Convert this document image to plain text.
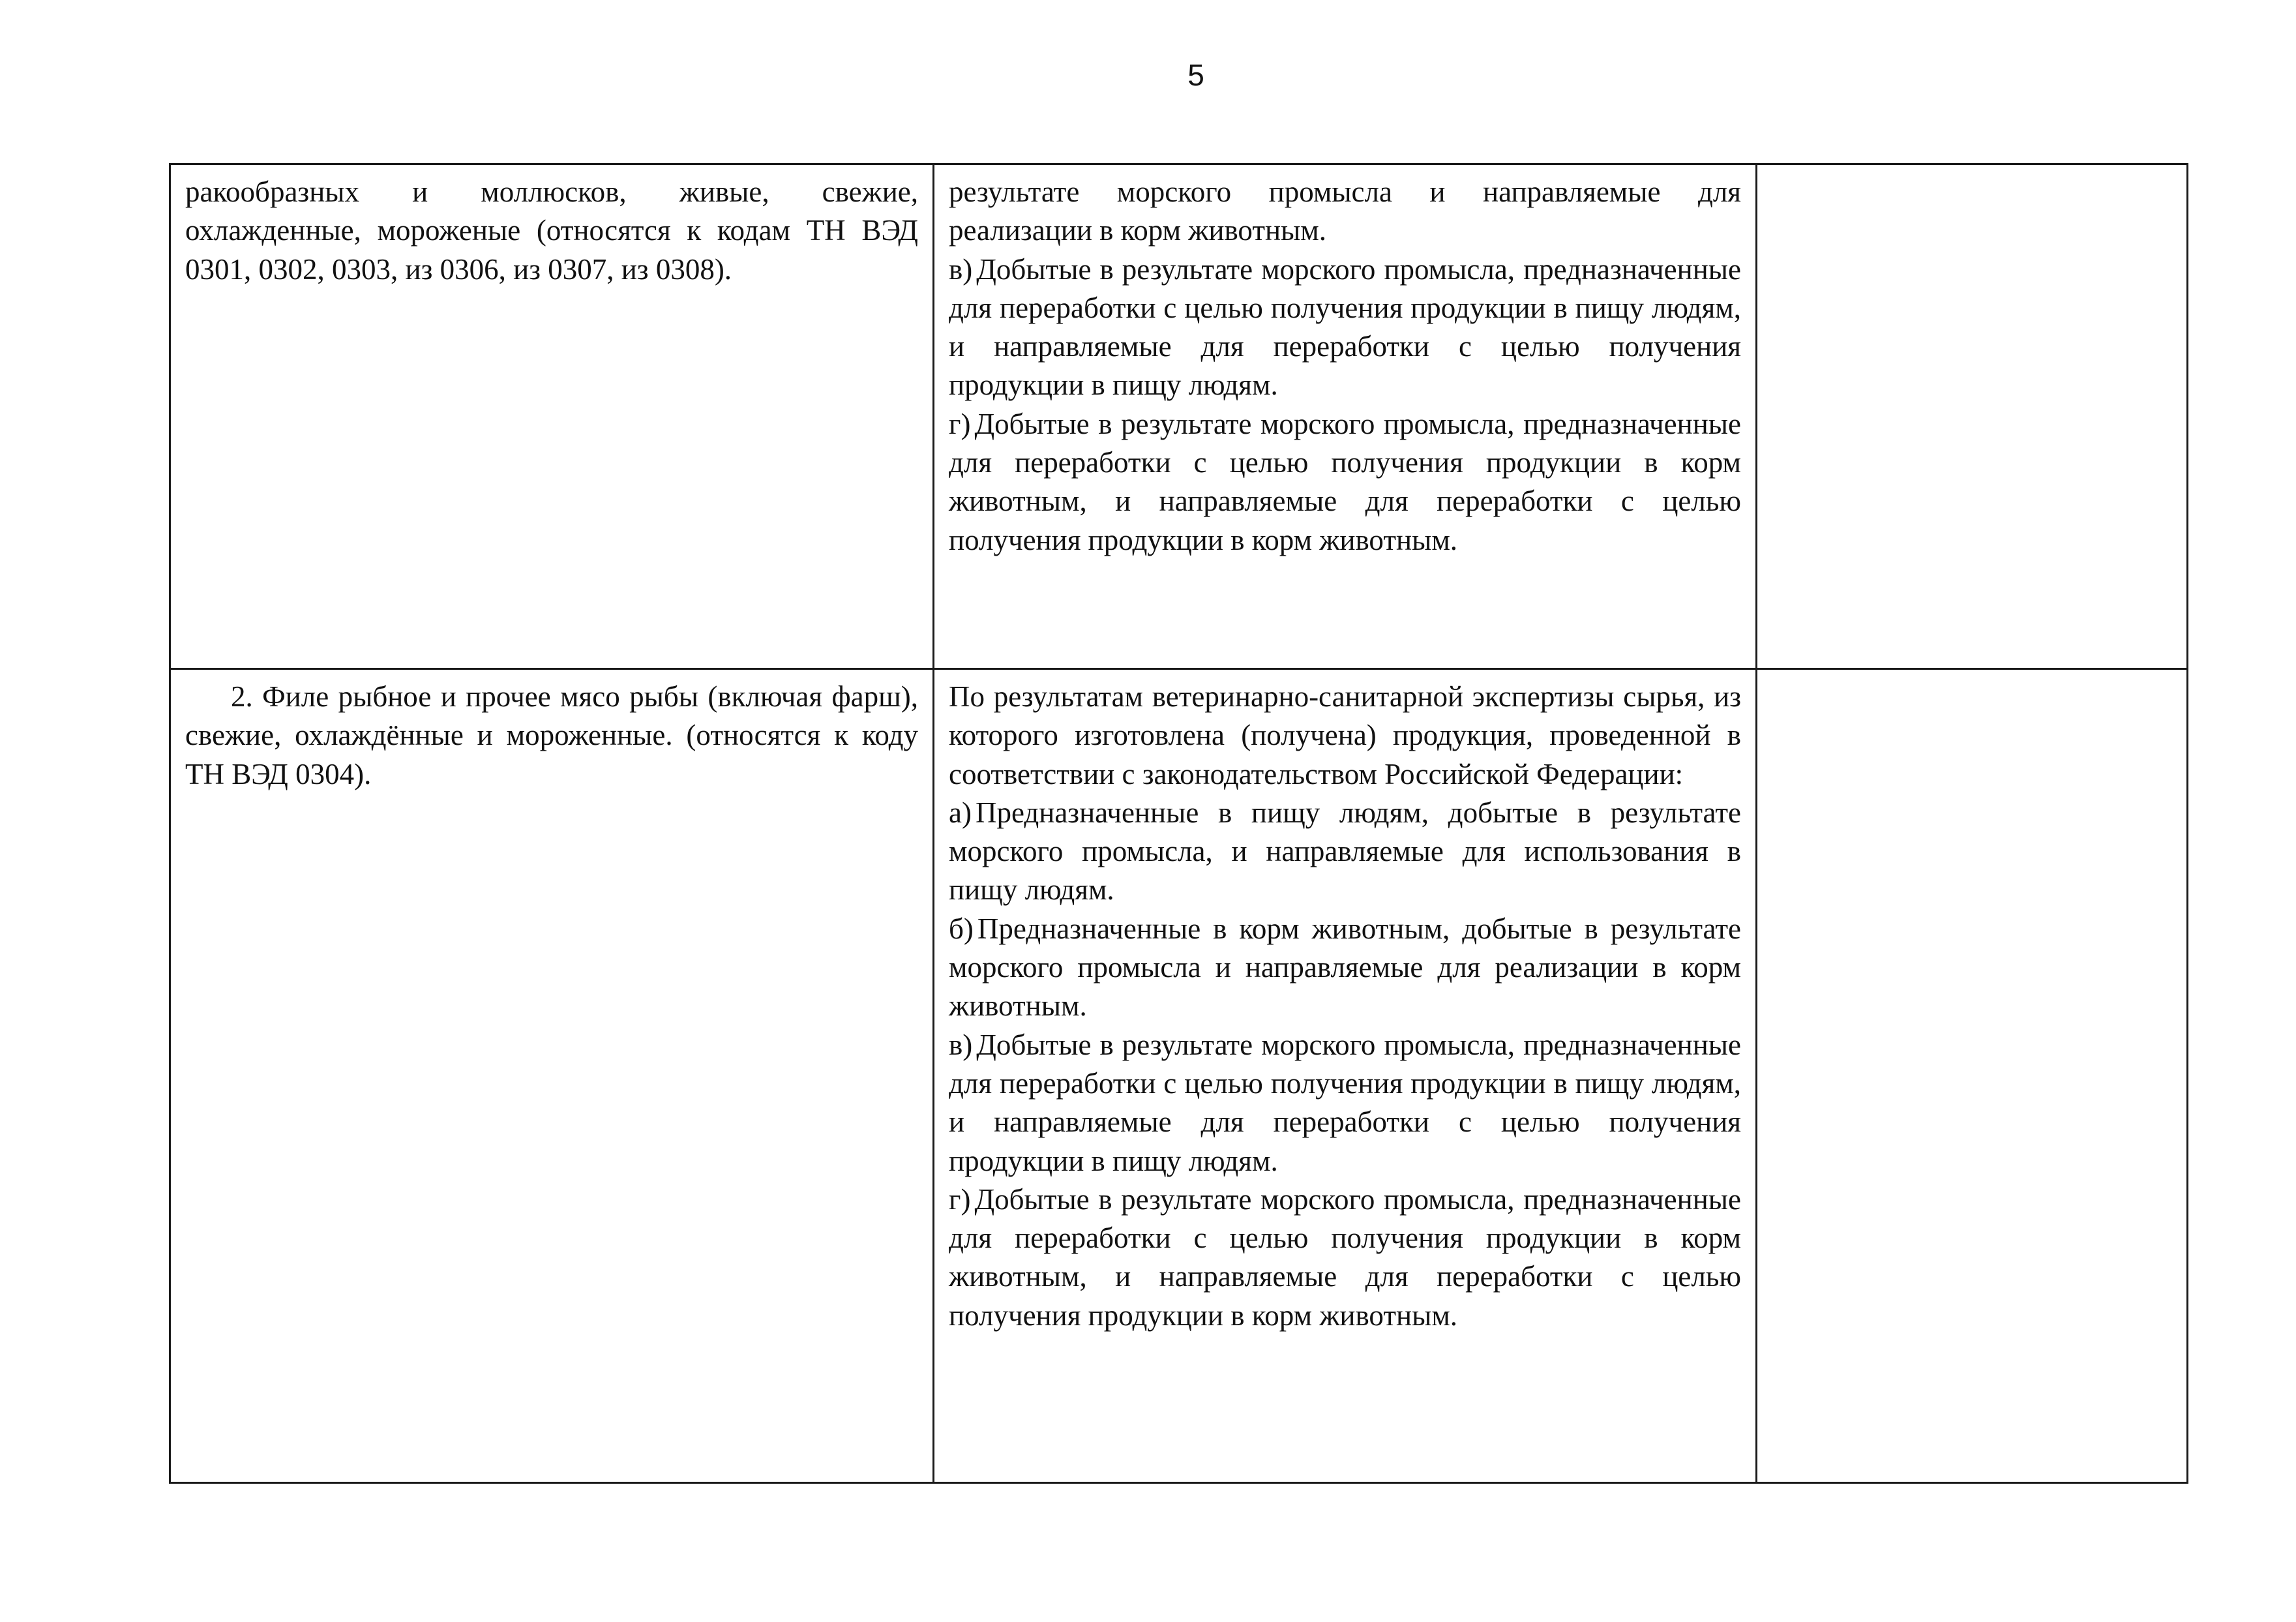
5

ракообразных и моллюсков, живые, свежие, охлажденные, мороженые (относятся к кодам ТН ВЭД 0301, 0302, 0303, из 0306, из 0307, из 0308).	результате морского промысла и направляемые для реализации в корм животным.

в) Добытые в результате морского промысла, предназначенные для переработки с целью получения продукции в пищу людям, и направляемые для переработки с целью получения продукции в пищу людям.

г) Добытые в результате морского промысла, предназначенные для переработки с целью получения продукции в корм животным, и направляемые для переработки с целью получения продукции в корм животным.	

2. Филе рыбное и прочее мясо рыбы (включая фарш), свежие, охлаждённые и мороженные. (относятся к коду ТН ВЭД 0304).	По результатам ветеринарно-санитарной экспертизы сырья, из которого изготовлена (получена) продукция, проведенной в соответствии с законодательством Российской Федерации:

а) Предназначенные в пищу людям, добытые в результате морского промысла, и направляемые для использования в пищу людям.

б) Предназначенные в корм животным, добытые в результате морского промысла и направляемые для реализации в корм животным.

в) Добытые в результате морского промысла, предназначенные для переработки с целью получения продукции в пищу людям, и направляемые для переработки с целью получения продукции в пищу людям.

г) Добытые в результате морского промысла, предназначенные для переработки с целью получения продукции в корм животным, и направляемые для переработки с целью получения продукции в корм животным.	
